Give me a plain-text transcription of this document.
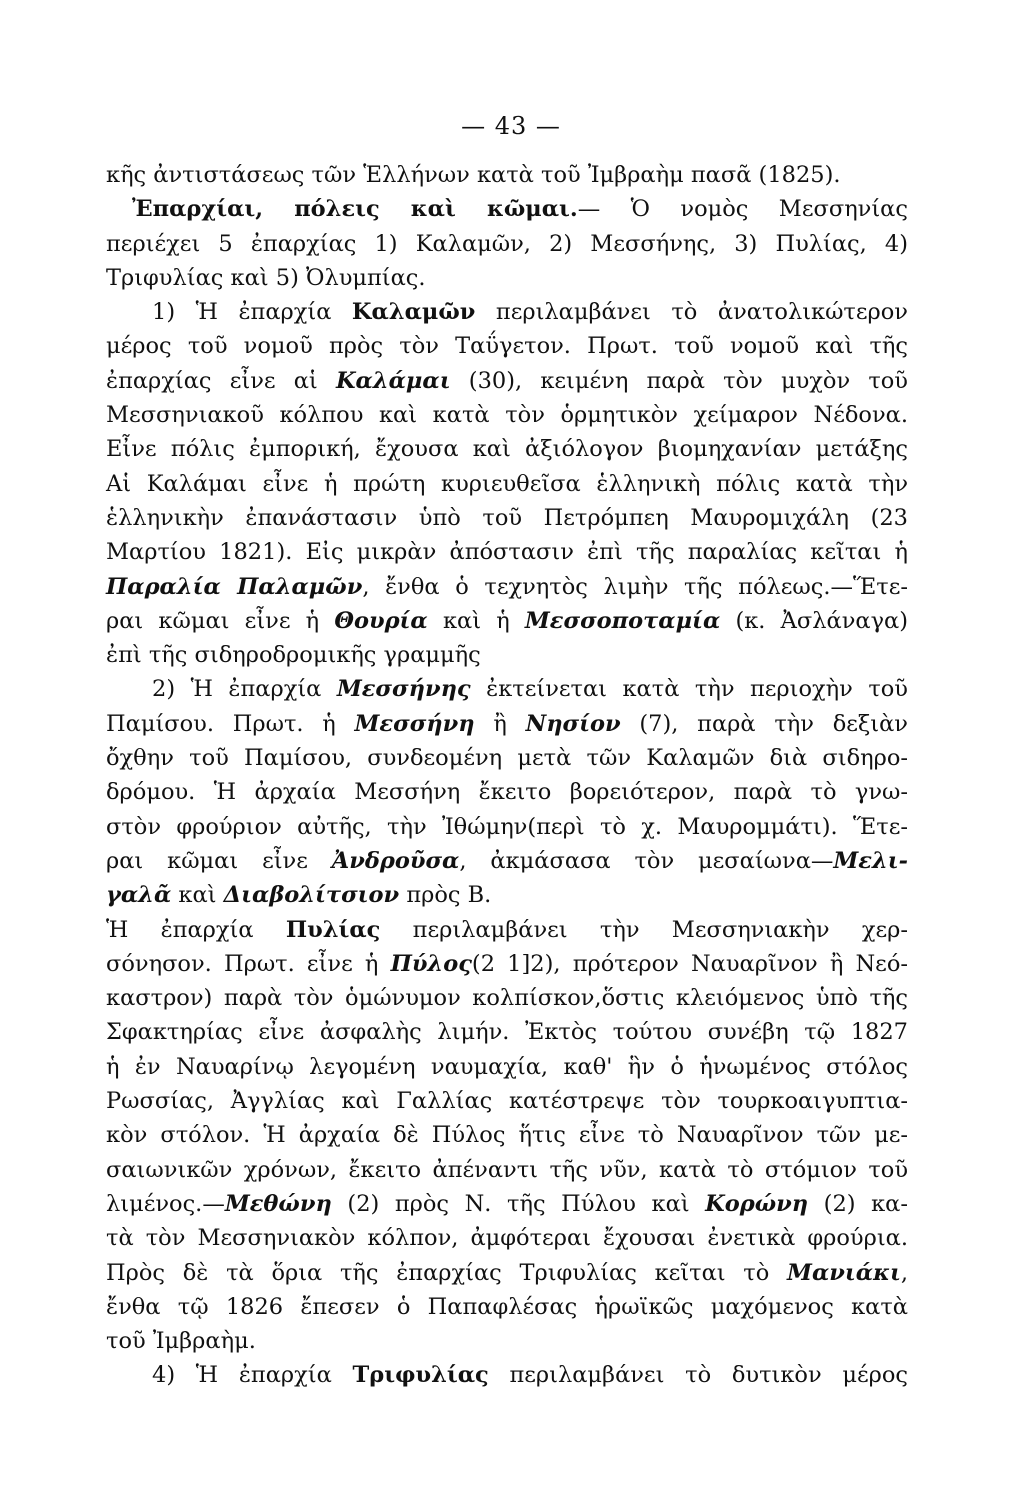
— 43 —
κῆς ἀντιστάσεως τῶν Ἑλλήνων κατὰ τοῦ Ἰμβραὴμ πασᾶ (1825).
Ἐπαρχίαι, πόλεις καὶ κῶμαι.— Ὁ νομὸς Μεσσηνίας
περιέχει 5 ἐπαρχίας 1) Καλαμῶν, 2) Μεσσήνης, 3) Πυλίας, 4)
Τριφυλίας καὶ 5) Ὀλυμπίας.
1) Ἡ ἐπαρχία Καλαμῶν περιλαμβάνει τὸ ἀνατολικώτερον
μέρος τοῦ νομοῦ πρὸς τὸν Ταΰγετον. Πρωτ. τοῦ νομοῦ καὶ τῆς
ἐπαρχίας εἶνε αἱ Καλάμαι (30), κειμένη παρὰ τὸν μυχὸν τοῦ
Μεσσηνιακοῦ κόλπου καὶ κατὰ τὸν ὁρμητικὸν χείμαρον Νέδονα.
Εἶνε πόλις ἐμπορική, ἔχουσα καὶ ἀξιόλογον βιομηχανίαν μετάξης
Αἱ Καλάμαι εἶνε ἡ πρώτη κυριευθεῖσα ἑλληνικὴ πόλις κατὰ τὴν
ἑλληνικὴν ἐπανάστασιν ὑπὸ τοῦ Πετρόμπεη Μαυρομιχάλη (23
Μαρτίου 1821). Εἰς μικρὰν ἀπόστασιν ἐπὶ τῆς παραλίας κεῖται ἡ
Παραλία Παλαμῶν, ἔνθα ὁ τεχνητὸς λιμὴν τῆς πόλεως.—Ἕτε-
ραι κῶμαι εἶνε ἡ Θουρία καὶ ἡ Μεσσοποταμία (κ. Ἀσλάναγα)
ἐπὶ τῆς σιδηροδρομικῆς γραμμῆς
2) Ἡ ἐπαρχία Μεσσήνης ἐκτείνεται κατὰ τὴν περιοχὴν τοῦ
Παμίσου. Πρωτ. ἡ Μεσσήνη ἢ Νησίον (7), παρὰ τὴν δεξιὰν
ὄχθην τοῦ Παμίσου, συνδεομένη μετὰ τῶν Καλαμῶν διὰ σιδηρο-
δρόμου. Ἡ ἀρχαία Μεσσήνη ἔκειτο βορειότερον, παρὰ τὸ γνω-
στὸν φρούριον αὐτῆς, τὴν Ἰθώμην(περὶ τὸ χ. Μαυρομμάτι). Ἕτε-
ραι κῶμαι εἶνε Ἀνδροῦσα, ἀκμάσασα τὸν μεσαίωνα—Μελι-
γαλᾶ καὶ Διαβολίτσιον πρὸς Β.
Ἡ ἐπαρχία Πυλίας περιλαμβάνει τὴν Μεσσηνιακὴν χερ-
σόνησον. Πρωτ. εἶνε ἡ Πύλος(2 1]2), πρότερον Ναυαρῖνον ἢ Νεό-
καστρον) παρὰ τὸν ὁμώνυμον κολπίσκον,ὅστις κλειόμενος ὑπὸ τῆς
Σφακτηρίας εἶνε ἀσφαλὴς λιμήν. Ἐκτὸς τούτου συνέβη τῷ 1827
ἡ ἐν Ναυαρίνῳ λεγομένη ναυμαχία, καθ' ἣν ὁ ἡνωμένος στόλος
Ρωσσίας, Ἀγγλίας καὶ Γαλλίας κατέστρεψε τὸν τουρκοαιγυπτια-
κὸν στόλον. Ἡ ἀρχαία δὲ Πύλος ἥτις εἶνε τὸ Ναυαρῖνον τῶν με-
σαιωνικῶν χρόνων, ἔκειτο ἀπέναντι τῆς νῦν, κατὰ τὸ στόμιον τοῦ
λιμένος.—Μεθώνη (2) πρὸς Ν. τῆς Πύλου καὶ Κορώνη (2) κα-
τὰ τὸν Μεσσηνιακὸν κόλπον, ἀμφότεραι ἔχουσαι ἐνετικὰ φρούρια.
Πρὸς δὲ τὰ ὅρια τῆς ἐπαρχίας Τριφυλίας κεῖται τὸ Μανιάκι,
ἔνθα τῷ 1826 ἔπεσεν ὁ Παπαφλέσας ἡρωϊκῶς μαχόμενος κατὰ
τοῦ Ἰμβραὴμ.
4) Ἡ ἐπαρχία Τριφυλίας περιλαμβάνει τὸ δυτικὸν μέρος
